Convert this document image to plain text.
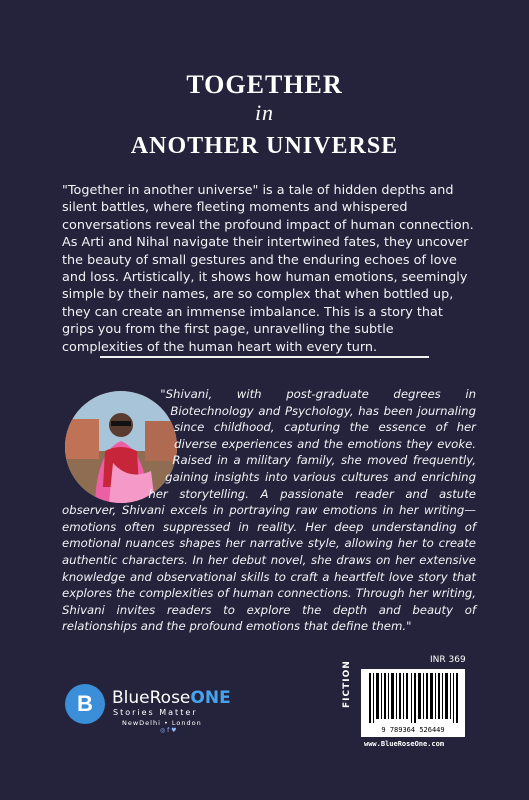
TOGETHER
in
ANOTHER UNIVERSE
"Together in another universe" is a tale of hidden depths and silent battles, where fleeting moments and whispered conversations reveal the profound impact of human connection. As Arti and Nihal navigate their intertwined fates, they uncover the beauty of small gestures and the enduring echoes of love and loss. Artistically, it shows how human emotions, seemingly simple by their names, are so complex that when bottled up, they can create an immense imbalance. This is a story that grips you from the first page, unravelling the subtle complexities of the human heart with every turn.
"Shivani, with post-graduate degrees in Biotechnology and Psychology, has been journaling since childhood, capturing the essence of her diverse experiences and the emotions they evoke. Raised in a military family, she moved frequently, gaining insights into various cultures and enriching her storytelling. A passionate reader and astute observer, Shivani excels in portraying raw emotions in her writing—emotions often suppressed in reality. Her deep understanding of emotional nuances shapes her narrative style, allowing her to create authentic characters. In her debut novel, she draws on her extensive knowledge and observational skills to craft a heartfelt love story that explores the complexities of human connections. Through her writing, Shivani invites readers to explore the depth and beauty of relationships and the profound emotions that define them."
B BlueRoseONE
Stories Matter
NewDelhi • London
◎ f ♥
INR 369
FICTION
9 789364 526449
www.BlueRoseOne.com
